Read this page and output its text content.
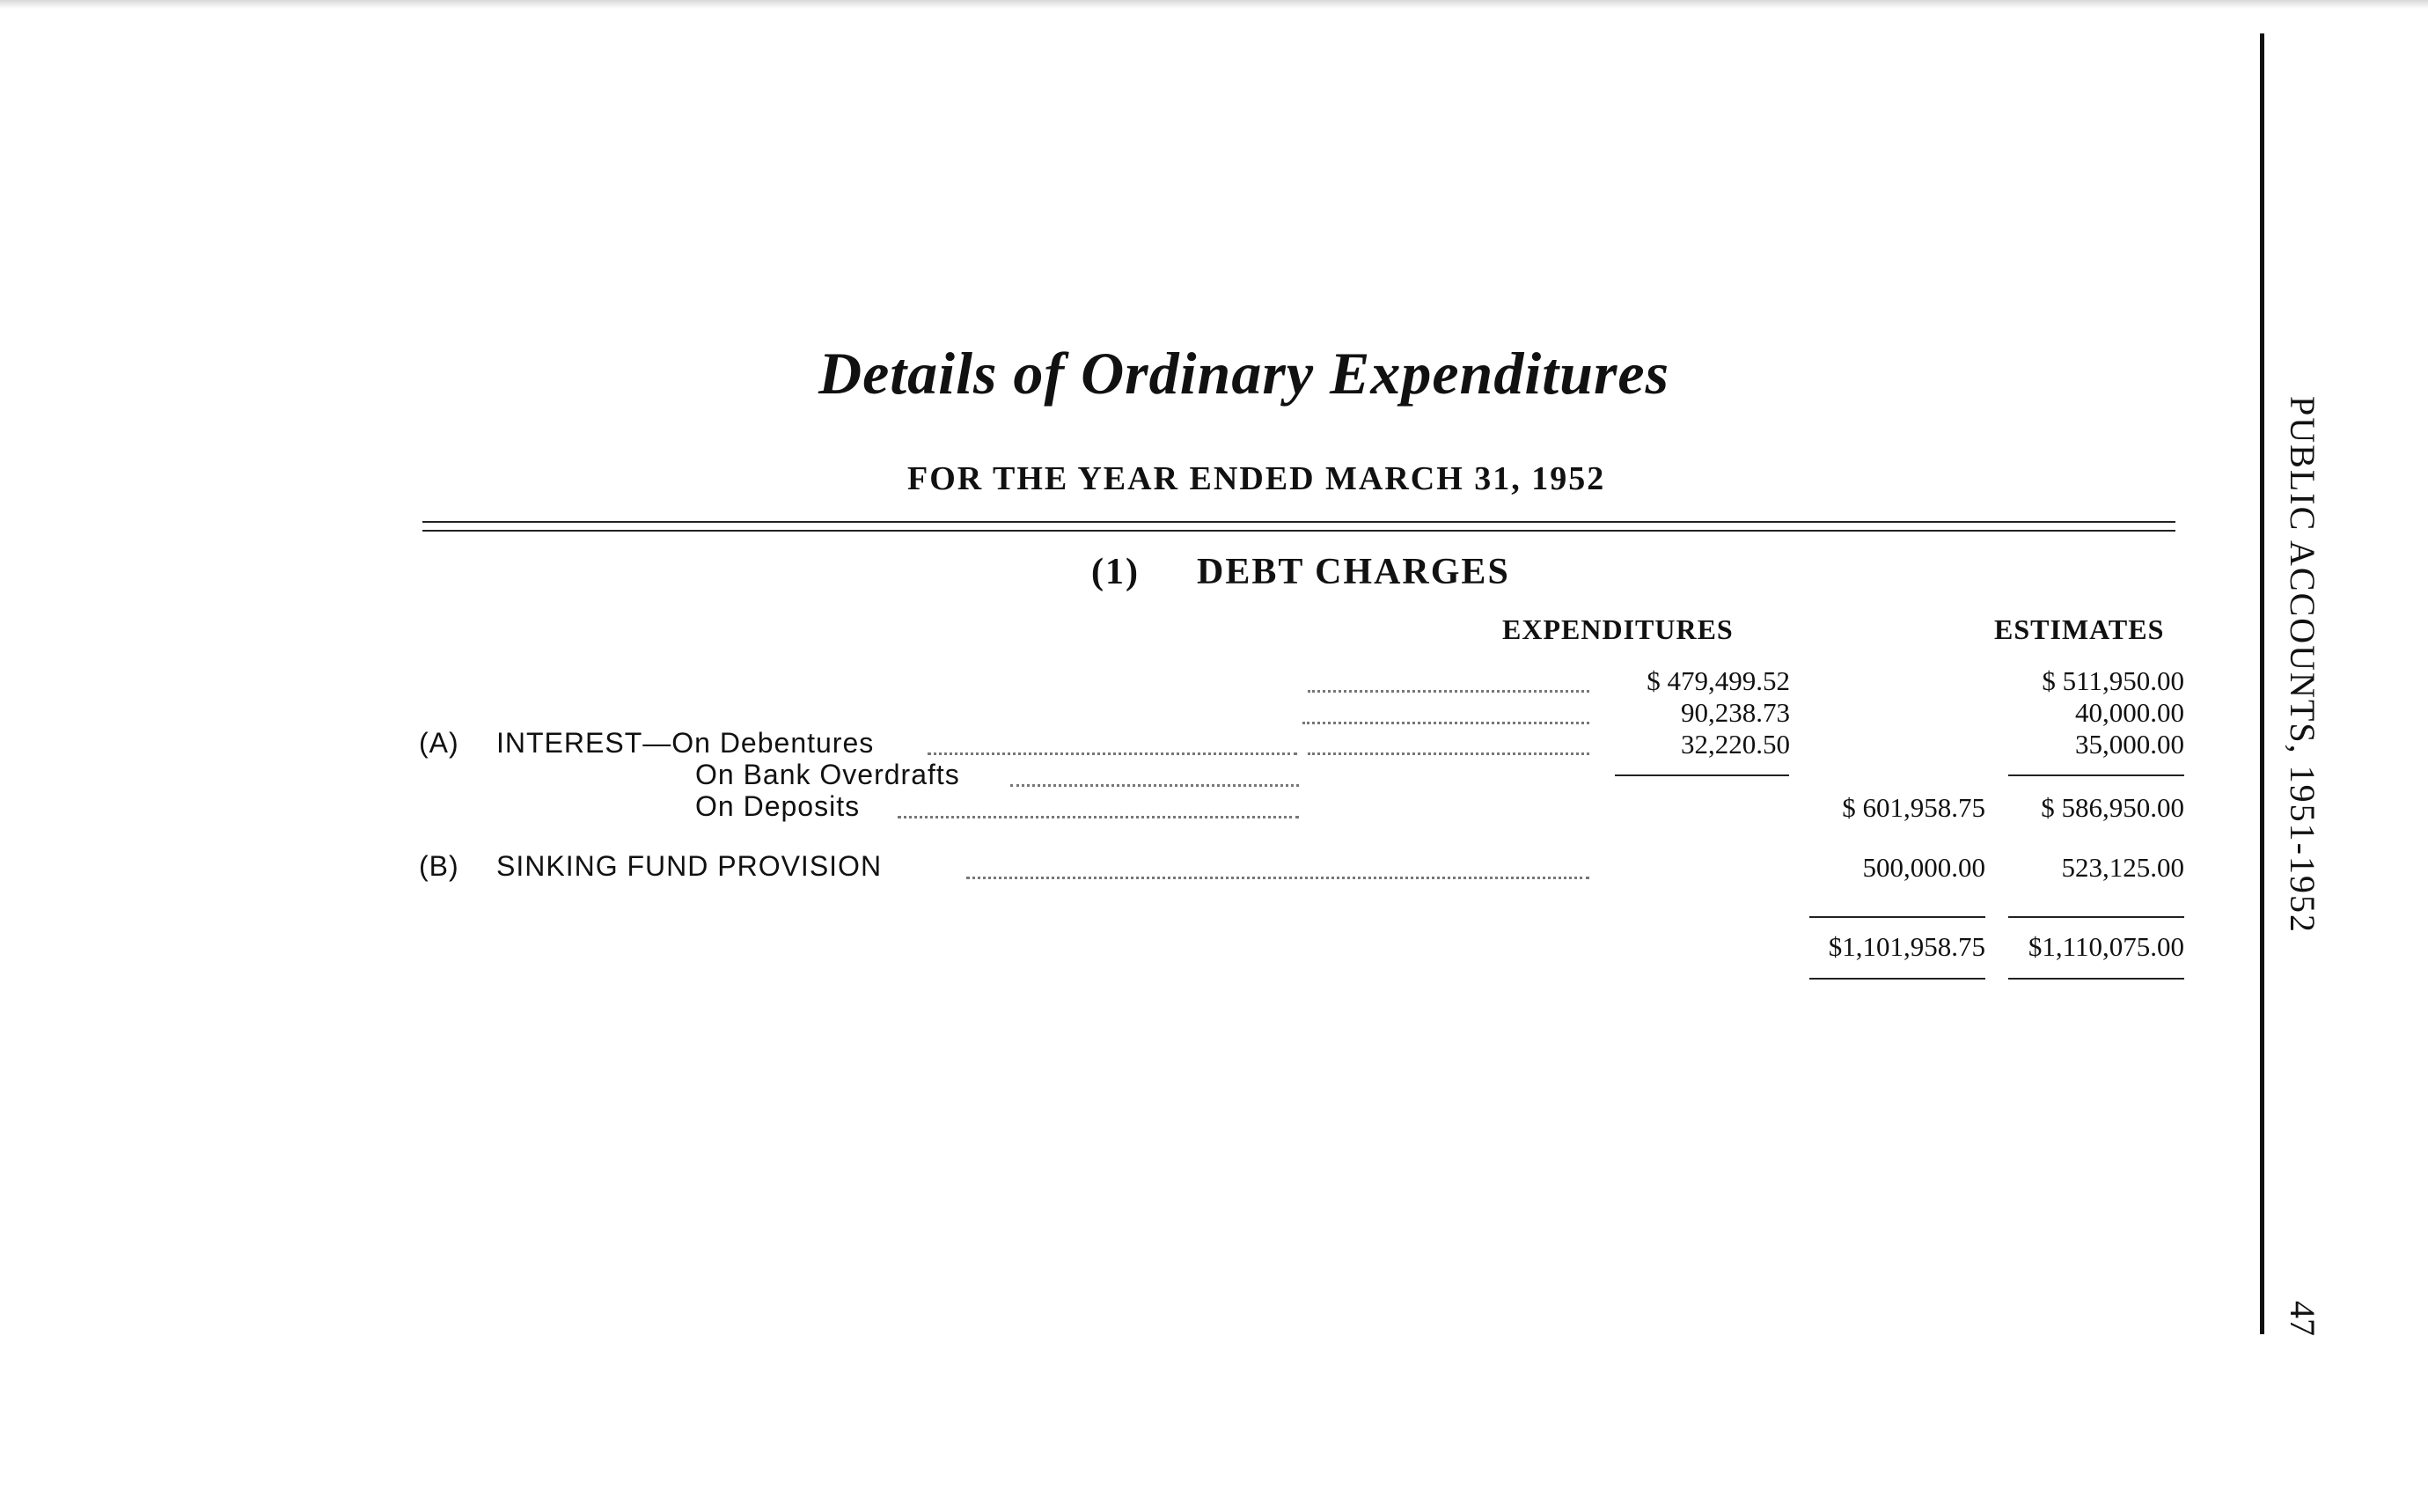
Details of Ordinary Expenditures
FOR THE YEAR ENDED MARCH 31, 1952
(1) DEBT CHARGES
EXPENDITURES	ESTIMATES
(A) INTEREST—On Debentures
On Bank Overdrafts
On Deposits
$ 479,499.52
90,238.73
32,220.50
$ 601,958.75
500,000.00
$1,101,958.75
$ 511,950.00
40,000.00
35,000.00
$ 586,950.00
523,125.00
$1,110,075.00
(B) SINKING FUND PROVISION	PUBLIC ACCOUNTS, 1951-1952
47
